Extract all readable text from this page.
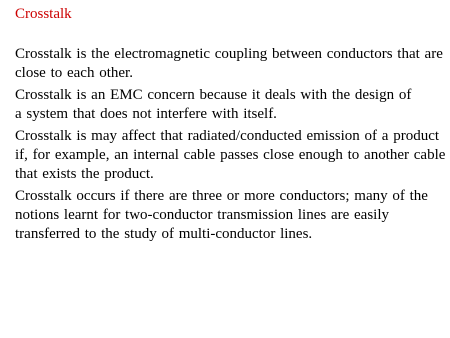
Crosstalk

Crosstalk is the electromagnetic coupling between conductors that are
close to each other.

Crosstalk is an EMC concern because it deals with the design of
a system that does not interfere with itself.

Crosstalk is may affect that radiated/conducted emission of a product
if, for example, an internal cable passes close enough to another cable
that exists the product.

Crosstalk occurs if there are three or more conductors; many of the
notions learnt for two-conductor transmission lines are easily
transferred to the study of multi-conductor lines.
